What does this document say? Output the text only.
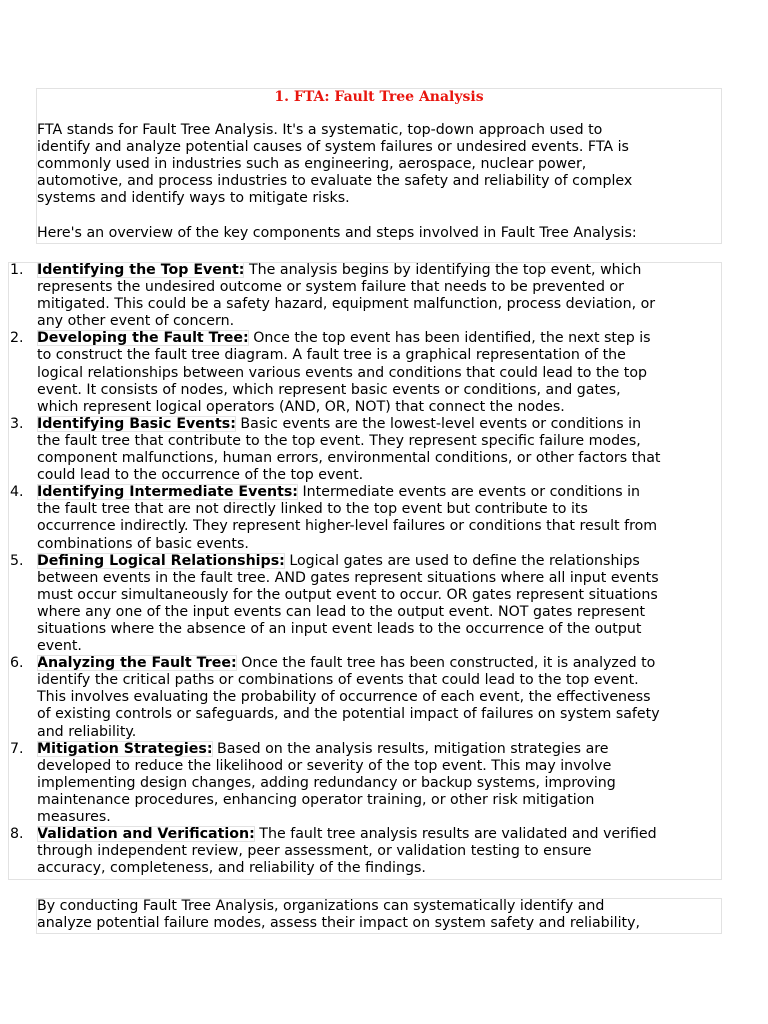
1. FTA: Fault Tree Analysis

FTA stands for Fault Tree Analysis. It's a systematic, top-down approach used to
identify and analyze potential causes of system failures or undesired events. FTA is
commonly used in industries such as engineering, aerospace, nuclear power,
automotive, and process industries to evaluate the safety and reliability of complex
systems and identify ways to mitigate risks.

Here's an overview of the key components and steps involved in Fault Tree Analysis:

1. Identifying the Top Event: The analysis begins by identifying the top event, which
represents the undesired outcome or system failure that needs to be prevented or
mitigated. This could be a safety hazard, equipment malfunction, process deviation, or
any other event of concern.
2. Developing the Fault Tree: Once the top event has been identified, the next step is
to construct the fault tree diagram. A fault tree is a graphical representation of the
logical relationships between various events and conditions that could lead to the top
event. It consists of nodes, which represent basic events or conditions, and gates,
which represent logical operators (AND, OR, NOT) that connect the nodes.
3. Identifying Basic Events: Basic events are the lowest-level events or conditions in
the fault tree that contribute to the top event. They represent specific failure modes,
component malfunctions, human errors, environmental conditions, or other factors that
could lead to the occurrence of the top event.
4. Identifying Intermediate Events: Intermediate events are events or conditions in
the fault tree that are not directly linked to the top event but contribute to its
occurrence indirectly. They represent higher-level failures or conditions that result from
combinations of basic events.
5. Defining Logical Relationships: Logical gates are used to define the relationships
between events in the fault tree. AND gates represent situations where all input events
must occur simultaneously for the output event to occur. OR gates represent situations
where any one of the input events can lead to the output event. NOT gates represent
situations where the absence of an input event leads to the occurrence of the output
event.
6. Analyzing the Fault Tree: Once the fault tree has been constructed, it is analyzed to
identify the critical paths or combinations of events that could lead to the top event.
This involves evaluating the probability of occurrence of each event, the effectiveness
of existing controls or safeguards, and the potential impact of failures on system safety
and reliability.
7. Mitigation Strategies: Based on the analysis results, mitigation strategies are
developed to reduce the likelihood or severity of the top event. This may involve
implementing design changes, adding redundancy or backup systems, improving
maintenance procedures, enhancing operator training, or other risk mitigation
measures.
8. Validation and Verification: The fault tree analysis results are validated and verified
through independent review, peer assessment, or validation testing to ensure
accuracy, completeness, and reliability of the findings.

By conducting Fault Tree Analysis, organizations can systematically identify and
analyze potential failure modes, assess their impact on system safety and reliability,
